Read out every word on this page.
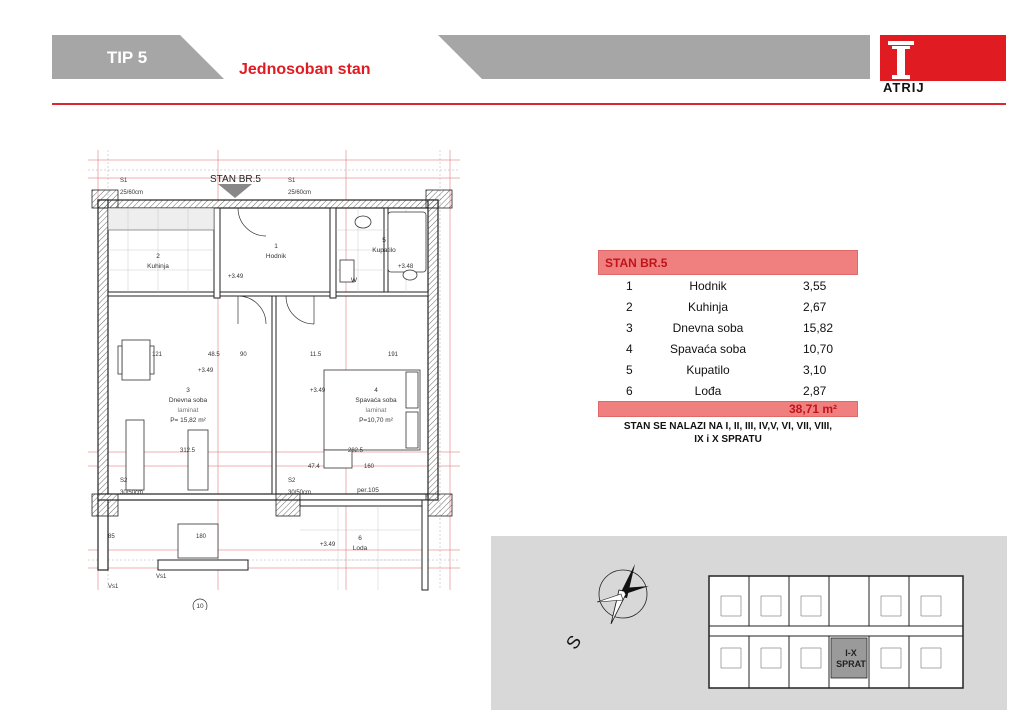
TIP 5
Jednosoban stan
ATRIJ
STAN BR.5
2
Kuhinja
1
Hodnik
5
Kupatilo
3
Dnevna soba
P= 15,82 m²
4
Spavaća soba
P=10,70 m²
6
Loda
laminat	laminat
W
per.105
10
+3.49
+3.49
+3.49
+3.48
+3.49
191
121
312.5	282.5
160
180
85
90
48.5
47.4
11.5
S1	S1
S2	S2
Vs1
Vs1
25/60cm	25/60cm
30/50cm	30/50cm
STAN BR.5
1	Hodnik	3,55
2	Kuhinja	2,67
3	Dnevna soba	15,82
4	Spavaća soba	10,70
5	Kupatilo	3,10
6	Lođa	2,87
38,71 m²
STAN SE NALAZI NA I, II, III, IV,V, VI, VII, VIII,
IX i X SPRATU
S
I-X
SPRAT
